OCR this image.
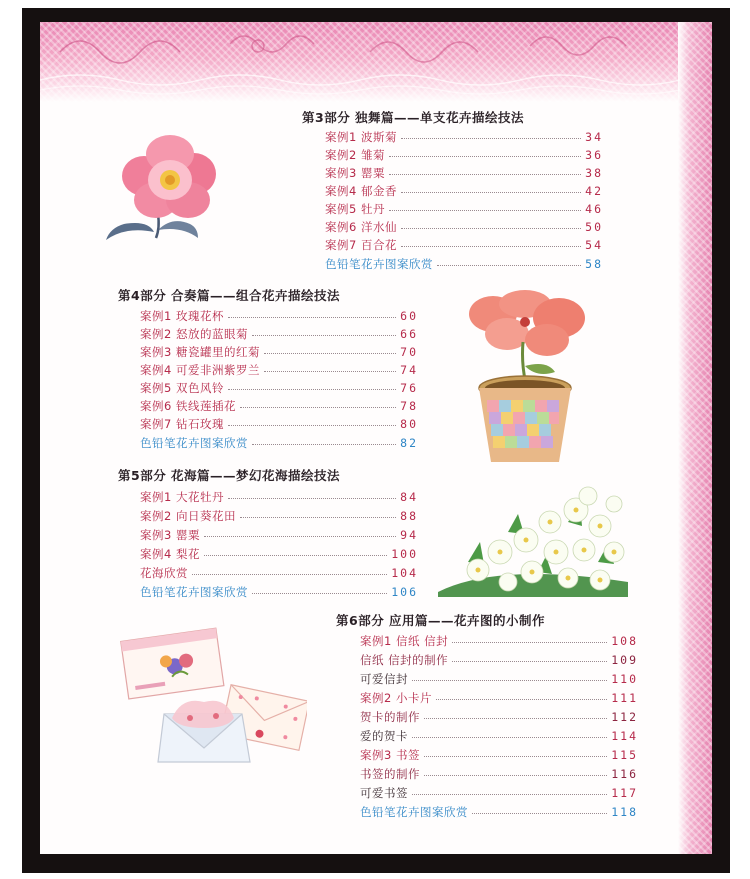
第3部分 独舞篇——单支花卉描绘技法
案例1 波斯菊	34
案例2 雏菊	36
案例3 罂粟	38
案例4 郁金香	42
案例5 牡丹	46
案例6 洋水仙	50
案例7 百合花	54
色铅笔花卉图案欣赏	58
第4部分 合奏篇——组合花卉描绘技法
案例1 玫瑰花杯	60
案例2 怒放的蓝眼菊	66
案例3 糖瓷罐里的红菊	70
案例4 可爱非洲紫罗兰	74
案例5 双色风铃	76
案例6 铁线莲插花	78
案例7 钻石玫瑰	80
色铅笔花卉图案欣赏	82
第5部分 花海篇——梦幻花海描绘技法
案例1 大花牡丹	84
案例2 向日葵花田	88
案例3 罂粟	94
案例4 梨花	100
花海欣赏	104
色铅笔花卉图案欣赏	106
第6部分 应用篇——花卉图的小制作
案例1 信纸 信封	108
信纸 信封的制作	109
可爱信封	110
案例2 小卡片	111
贺卡的制作	112
爱的贺卡	114
案例3 书签	115
书签的制作	116
可爱书签	117
色铅笔花卉图案欣赏	118
